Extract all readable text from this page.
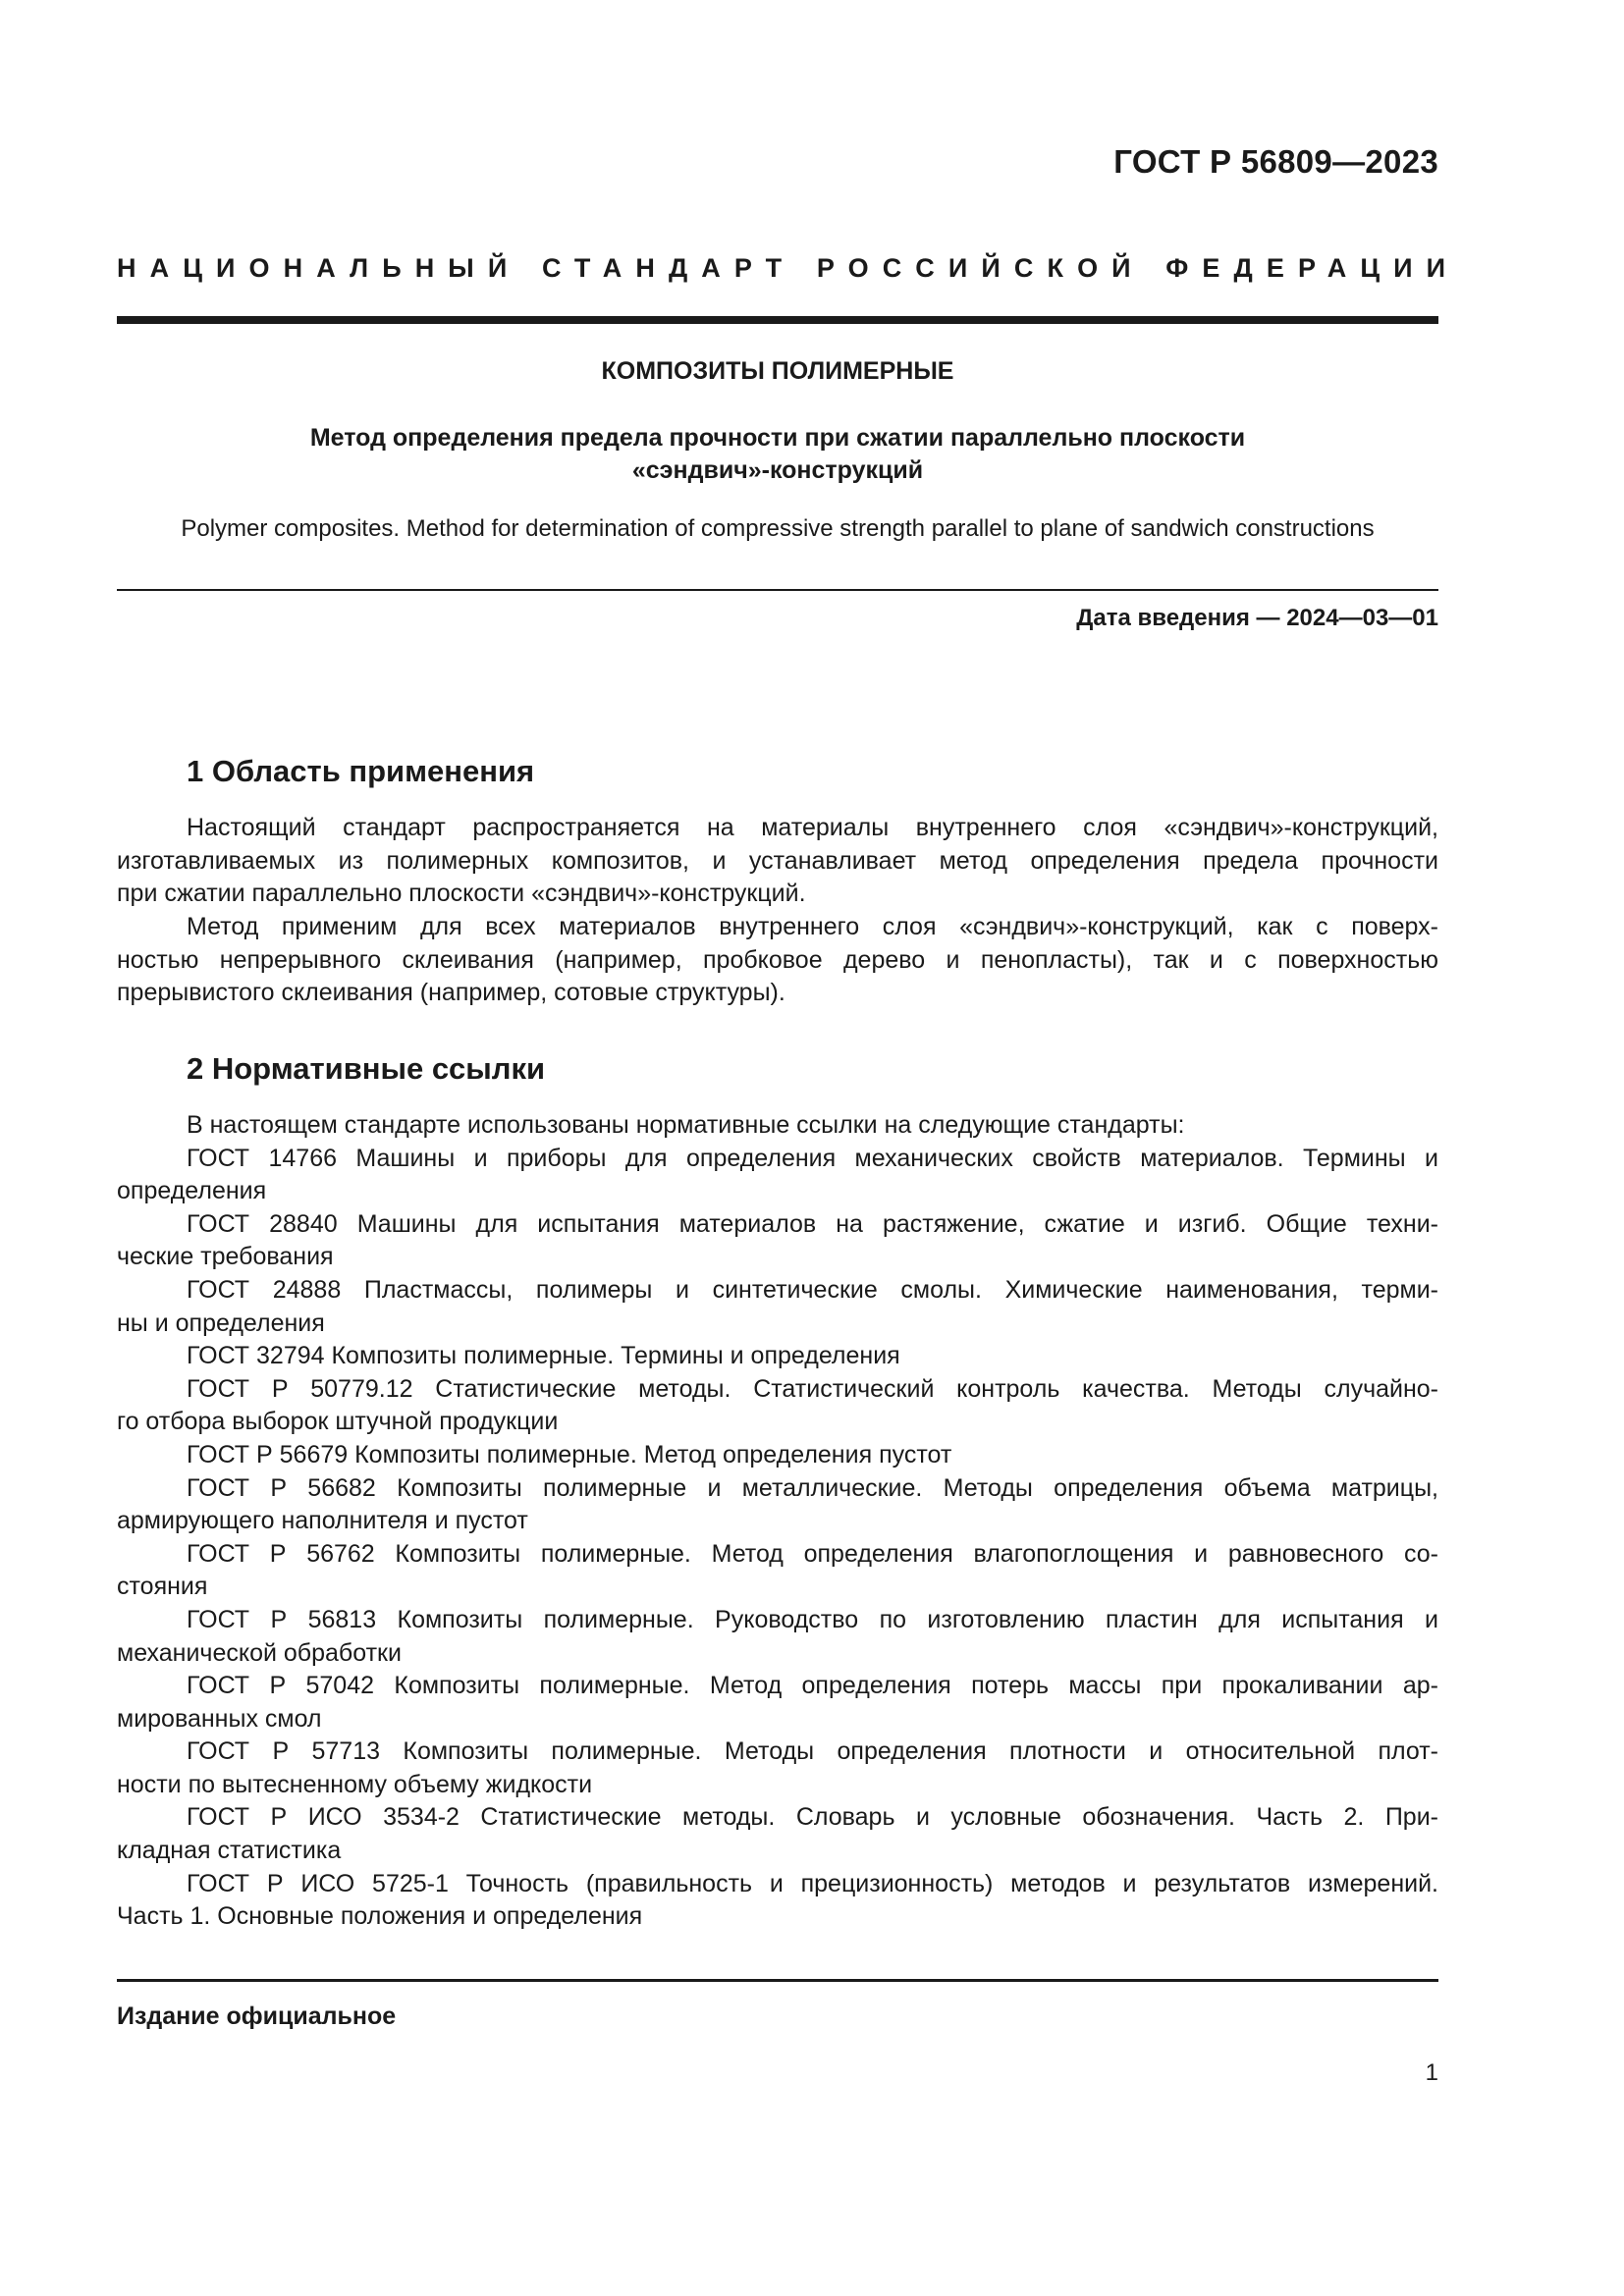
ГОСТ Р 56809—2023
НАЦИОНАЛЬНЫЙ СТАНДАРТ РОССИЙСКОЙ ФЕДЕРАЦИИ
КОМПОЗИТЫ ПОЛИМЕРНЫЕ
Метод определения предела прочности при сжатии параллельно плоскости
«сэндвич»-конструкций
Polymer composites. Method for determination of compressive strength parallel to plane of sandwich constructions
Дата введения — 2024—03—01
1 Область применения
Настоящий стандарт распространяется на материалы внутреннего слоя «сэндвич»-конструкций,
изготавливаемых из полимерных композитов, и устанавливает метод определения предела прочности
при сжатии параллельно плоскости «сэндвич»-конструкций.
Метод применим для всех материалов внутреннего слоя «сэндвич»-конструкций, как с поверх-
ностью непрерывного склеивания (например, пробковое дерево и пенопласты), так и с поверхностью
прерывистого склеивания (например, сотовые структуры).
2 Нормативные ссылки
В настоящем стандарте использованы нормативные ссылки на следующие стандарты:
ГОСТ 14766 Машины и приборы для определения механических свойств материалов. Термины и
определения
ГОСТ 28840 Машины для испытания материалов на растяжение, сжатие и изгиб. Общие техни-
ческие требования
ГОСТ 24888 Пластмассы, полимеры и синтетические смолы. Химические наименования, терми-
ны и определения
ГОСТ 32794 Композиты полимерные. Термины и определения
ГОСТ Р 50779.12 Статистические методы. Статистический контроль качества. Методы случайно-
го отбора выборок штучной продукции
ГОСТ Р 56679 Композиты полимерные. Метод определения пустот
ГОСТ Р 56682 Композиты полимерные и металлические. Методы определения объема матрицы,
армирующего наполнителя и пустот
ГОСТ Р 56762 Композиты полимерные. Метод определения влагопоглощения и равновесного со-
стояния
ГОСТ Р 56813 Композиты полимерные. Руководство по изготовлению пластин для испытания и
механической обработки
ГОСТ Р 57042 Композиты полимерные. Метод определения потерь массы при прокаливании ар-
мированных смол
ГОСТ Р 57713 Композиты полимерные. Методы определения плотности и относительной плот-
ности по вытесненному объему жидкости
ГОСТ Р ИСО 3534-2 Статистические методы. Словарь и условные обозначения. Часть 2. При-
кладная статистика
ГОСТ Р ИСО 5725-1 Точность (правильность и прецизионность) методов и результатов измерений.
Часть 1. Основные положения и определения
Издание официальное
1
